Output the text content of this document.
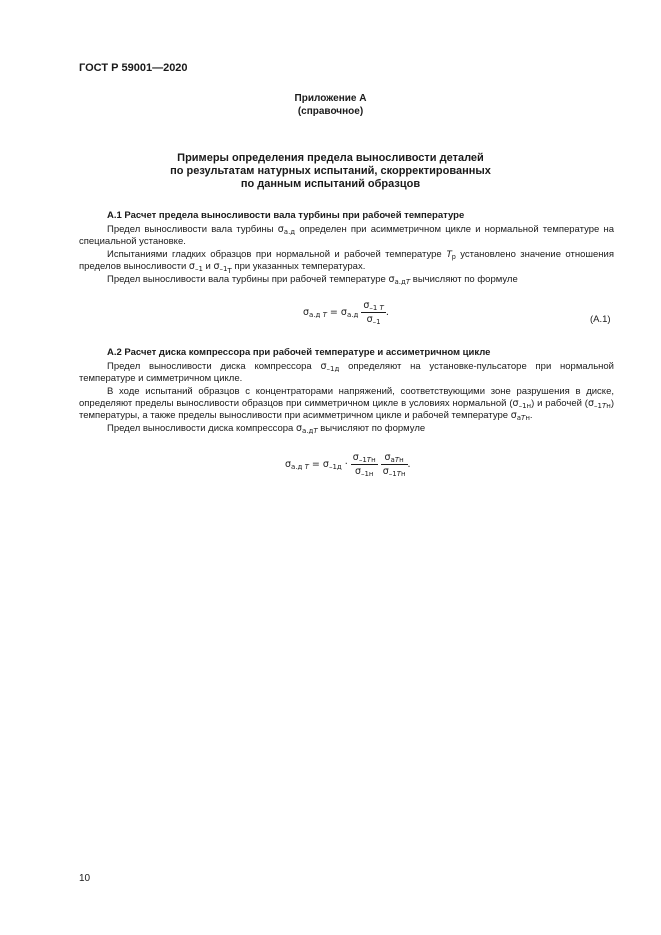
ГОСТ Р 59001—2020
Приложение А
(справочное)
Примеры определения предела выносливости деталей
по результатам натурных испытаний, скорректированных
по данным испытаний образцов
А.1 Расчет предела выносливости вала турбины при рабочей температуре
Предел выносливости вала турбины $\sigma_{а.д}$ определен при асимметричном цикле и нормальной температуре на специальной установке.
Испытаниями гладких образцов при нормальной и рабочей температуре $T_р$ установлено значение отношения пределов выносливости $\sigma_{-1}$ и $\sigma_{-1_T}$ при указанных температурах.
Предел выносливости вала турбины при рабочей температуре $\sigma_{а.дT}$ вычисляют по формуле
$\sigma_{а.д Т} = \sigma_{а.д} \frac{\sigma_{-1 Т}}{\sigma_{-1}}$ .
(А.1)
А.2 Расчет диска компрессора при рабочей температуре и ассиметричном цикле
Предел выносливости диска компрессора $\sigma_{-1д}$ определяют на установке-пульсаторе при нормальной температуре и симметричном цикле.
В ходе испытаний образцов с концентраторами напряжений, соответствующими зоне разрушения в диске, определяют пределы выносливости образцов при симметричном цикле в условиях нормальной $(\sigma_{-1н})$ и рабочей $(\sigma_{-1Tн})$ температуры, а также пределы выносливости при асимметричном цикле и рабочей температуре $\sigma_{аTн}$.
Предел выносливости диска компрессора $\sigma_{а.дT}$ вычисляют по формуле
$\sigma_{а.д Т} = \sigma_{-1д} \cdot \frac{\sigma_{-1Tн}}{\sigma_{-1н}}$
$\frac{\sigma_{аTн}}{\sigma_{-1Tн}}$ .
10
